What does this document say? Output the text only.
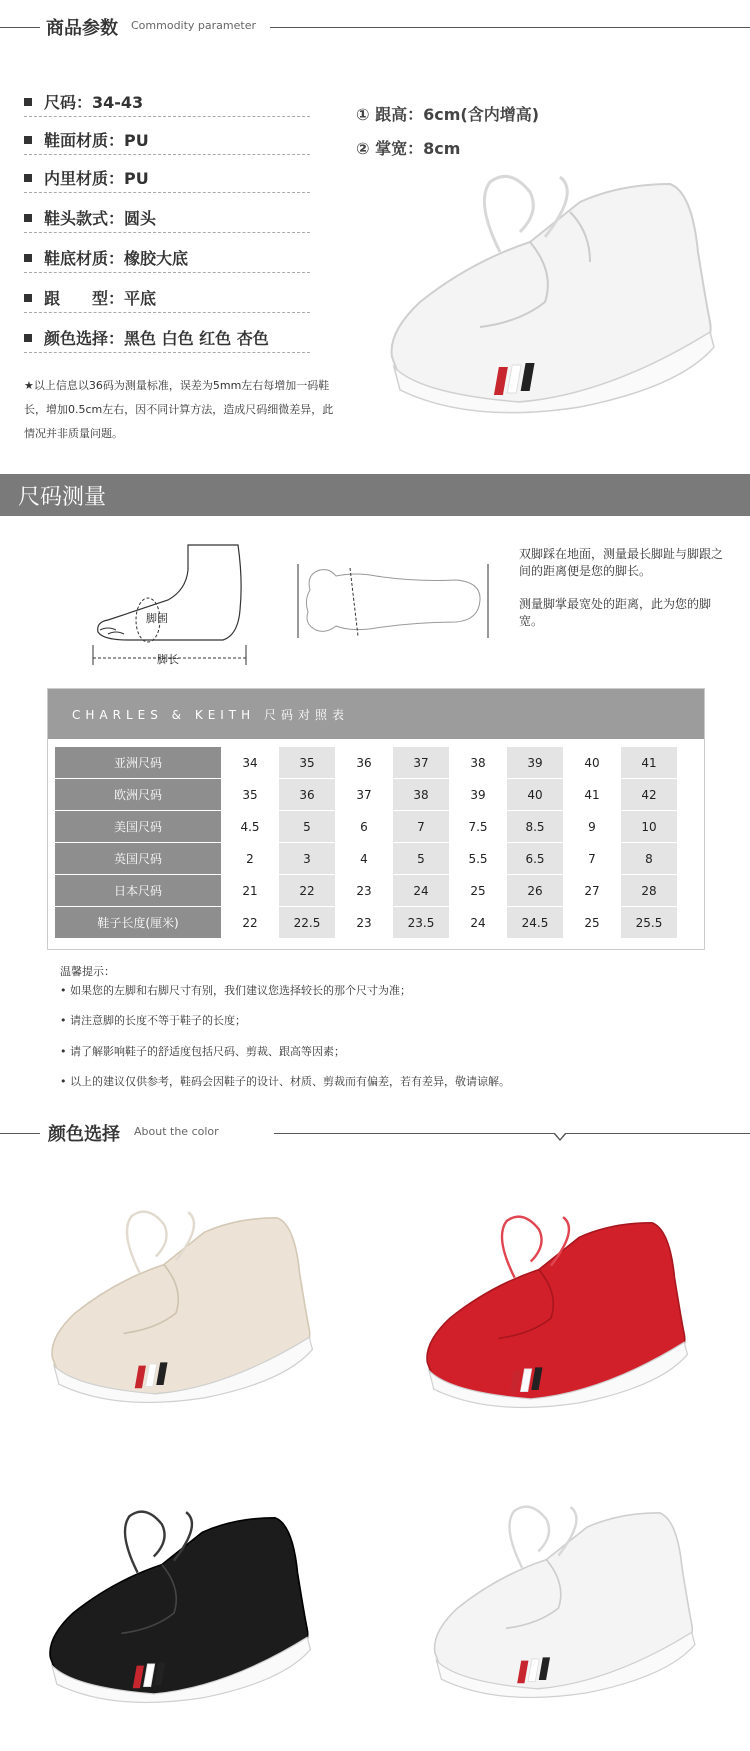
商品参数 Commodity parameter
尺码：34-43
鞋面材质：PU
内里材质：PU
鞋头款式：圆头
鞋底材质：橡胶大底
跟　　型：平底
颜色选择：黑色 白色 红色 杏色
★以上信息以36码为测量标准，误差为5mm左右每增加一码鞋长，增加0.5cm左右，因不同计算方法，造成尺码细微差异，此情况并非质量问题。
① 跟高：6cm(含内增高)
② 掌宽：8cm
尺码测量
脚围
脚长
双脚踩在地面，测量最长脚趾与脚跟之间的距离便是您的脚长。
测量脚掌最宽处的距离，此为您的脚宽。
CHARLES & KEITH 尺码对照表
亚洲尺码	34	35	36	37	38	39	40	41
欧洲尺码	35	36	37	38	39	40	41	42
美国尺码	4.5	5	6	7	7.5	8.5	9	10
英国尺码	2	3	4	5	5.5	6.5	7	8
日本尺码	21	22	23	24	25	26	27	28
鞋子长度(厘米)	22	22.5	23	23.5	24	24.5	25	25.5
温馨提示：
• 如果您的左脚和右脚尺寸有别，我们建议您选择较长的那个尺寸为准；
• 请注意脚的长度不等于鞋子的长度；
• 请了解影响鞋子的舒适度包括尺码、剪裁、跟高等因素；
• 以上的建议仅供参考，鞋码会因鞋子的设计、材质、剪裁而有偏差，若有差异，敬请谅解。
颜色选择 About the color
